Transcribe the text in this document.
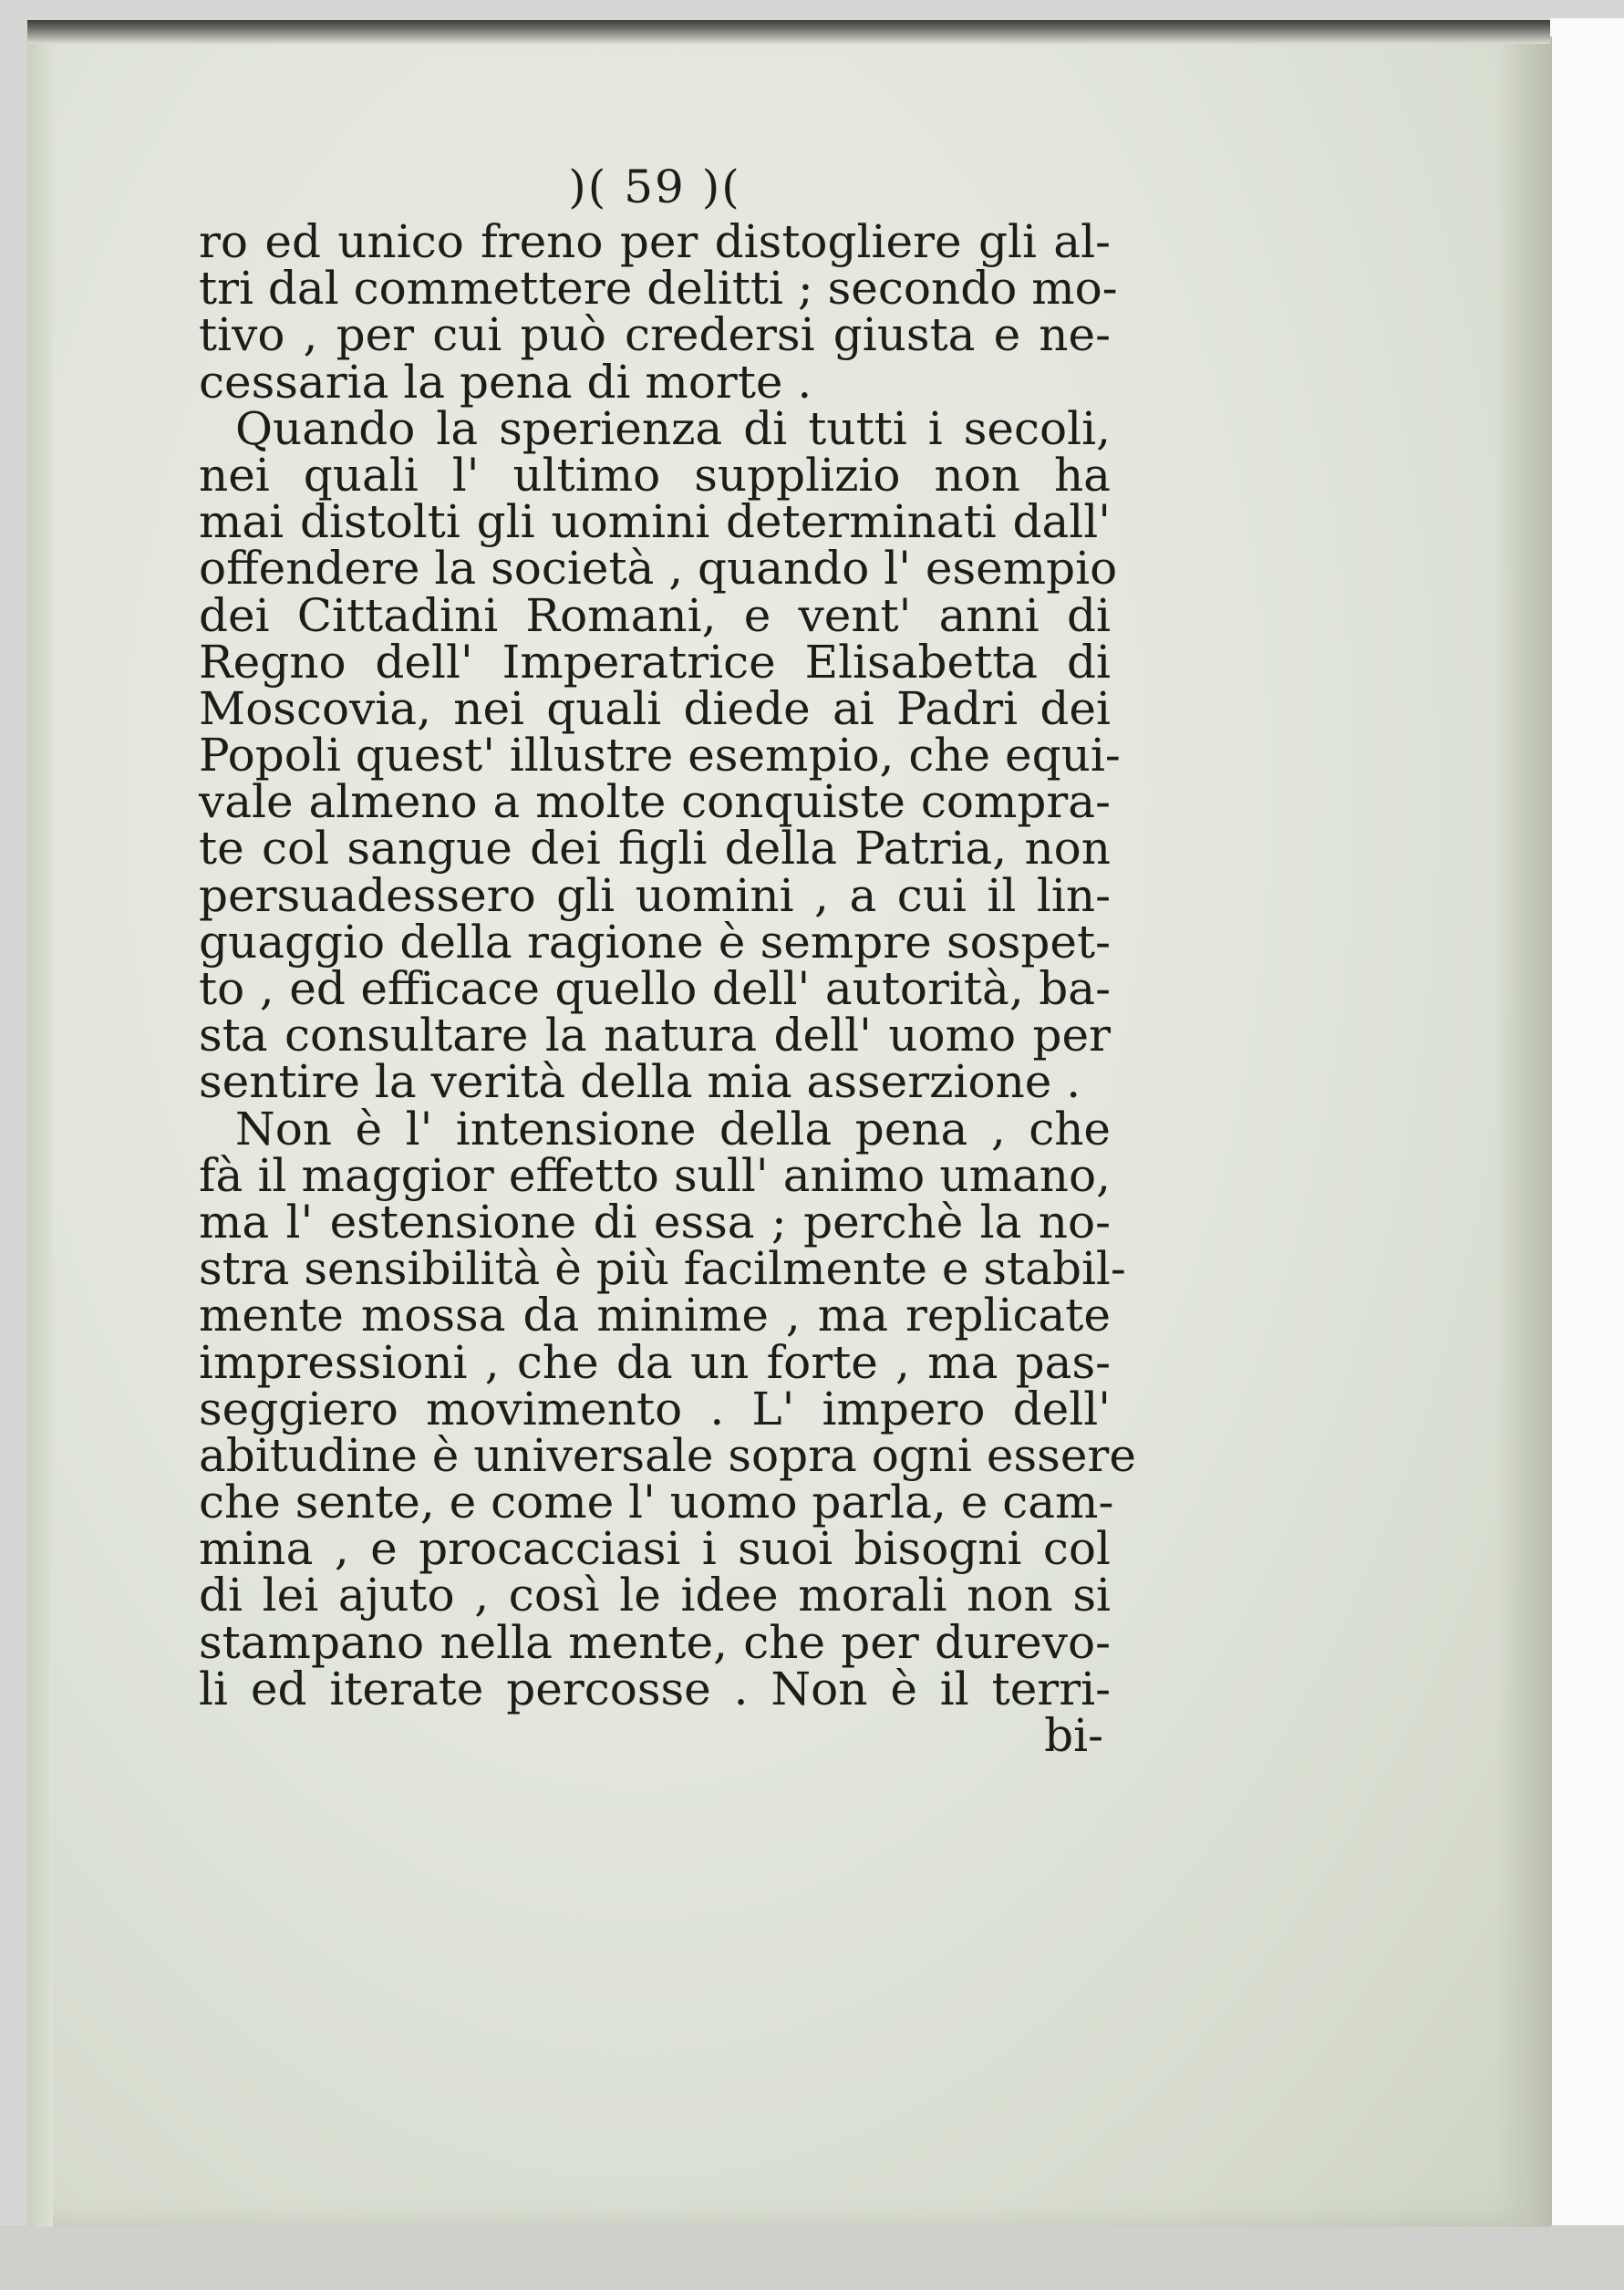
)( 59 )(
ro ed unico freno per distogliere gli al-
tri dal commettere delitti ; secondo mo-
tivo , per cui può credersi giusta e ne-
cessaria la pena di morte .
Quando la sperienza di tutti i secoli,
nei quali l' ultimo supplizio non ha
mai distolti gli uomini determinati dall'
offendere la società , quando l' esempio
dei Cittadini Romani, e vent' anni di
Regno dell' Imperatrice Elisabetta di
Moscovia, nei quali diede ai Padri dei
Popoli quest' illustre esempio, che equi-
vale almeno a molte conquiste compra-
te col sangue dei figli della Patria, non
persuadessero gli uomini , a cui il lin-
guaggio della ragione è sempre sospet-
to , ed efficace quello dell' autorità, ba-
sta consultare la natura dell' uomo per
sentire la verità della mia asserzione .
Non è l' intensione della pena , che
fà il maggior effetto sull' animo umano,
ma l' estensione di essa ; perchè la no-
stra sensibilità è più facilmente e stabil-
mente mossa da minime , ma replicate
impressioni , che da un forte , ma pas-
seggiero movimento . L' impero dell'
abitudine è universale sopra ogni essere
che sente, e come l' uomo parla, e cam-
mina , e procacciasi i suoi bisogni col
di lei ajuto , così le idee morali non si
stampano nella mente, che per durevo-
li ed iterate percosse . Non è il terri-
bi-
